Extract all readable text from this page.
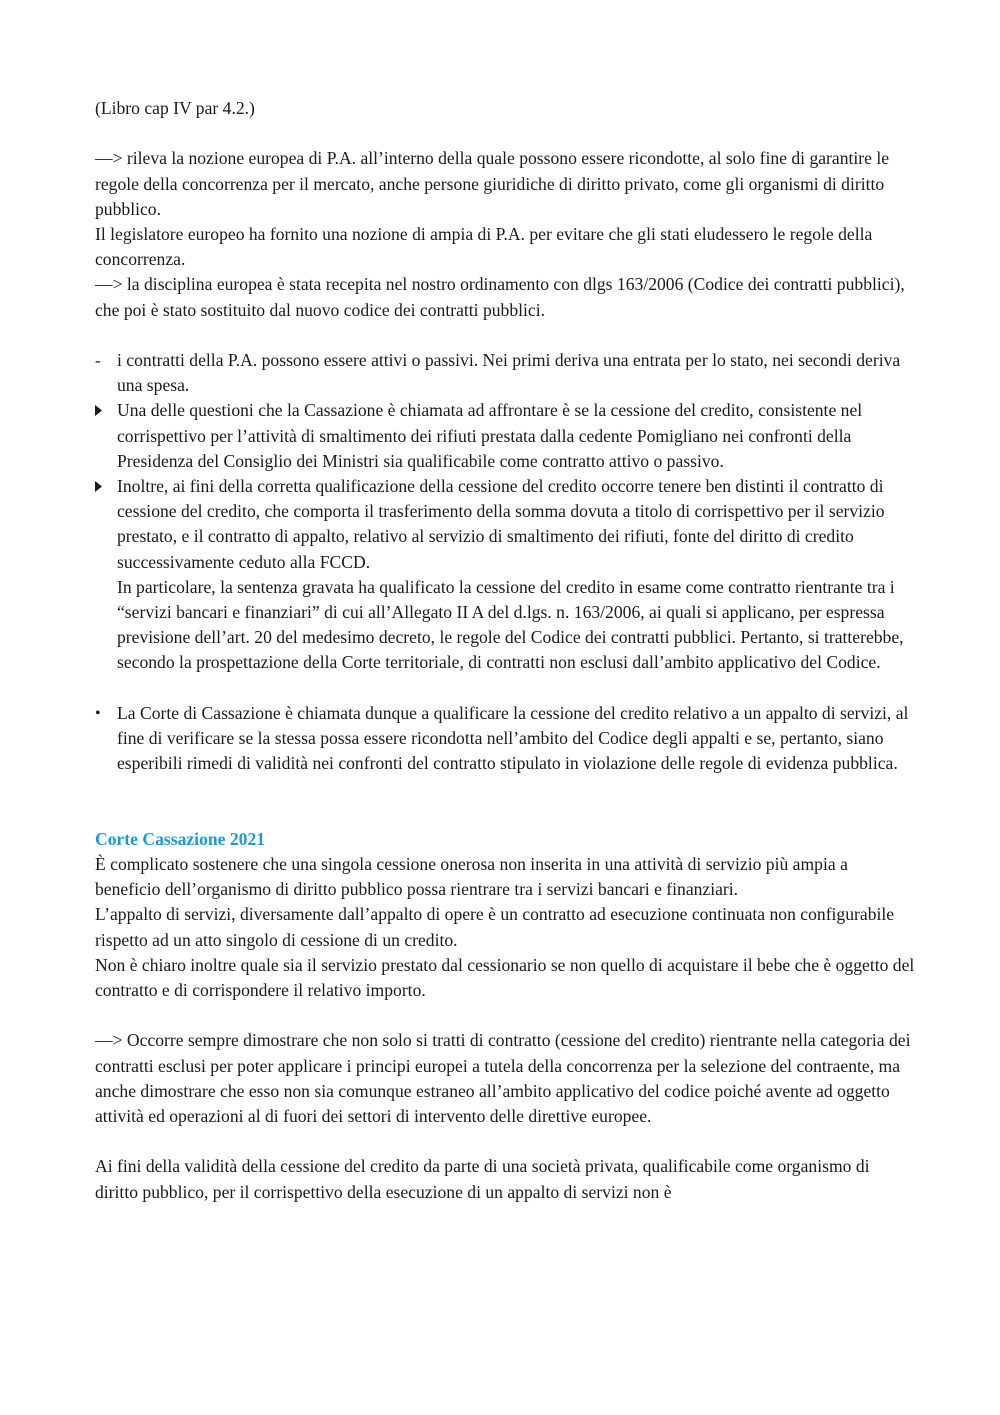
(Libro cap IV par 4.2.)

—> rileva la nozione europea di P.A. all’interno della quale possono essere ricondotte, al solo fine di garantire le regole della concorrenza per il mercato, anche persone giuridiche di diritto privato, come gli organismi di diritto pubblico.

Il legislatore europeo ha fornito una nozione di ampia di P.A. per evitare che gli stati eludessero le regole della concorrenza.

—> la disciplina europea è stata recepita nel nostro ordinamento con dlgs 163/2006 (Codice dei contratti pubblici), che poi è stato sostituito dal nuovo codice dei contratti pubblici.

- i contratti della P.A. possono essere attivi o passivi. Nei primi deriva una entrata per lo stato, nei secondi deriva una spesa.

Una delle questioni che la Cassazione è chiamata ad affrontare è se la cessione del credito, consistente nel corrispettivo per l’attività di smaltimento dei rifiuti prestata dalla cedente Pomigliano nei confronti della Presidenza del Consiglio dei Ministri sia qualificabile come contratto attivo o passivo.

Inoltre, ai fini della corretta qualificazione della cessione del credito occorre tenere ben distinti il contratto di cessione del credito, che comporta il trasferimento della somma dovuta a titolo di corrispettivo per il servizio prestato, e il contratto di appalto, relativo al servizio di smaltimento dei rifiuti, fonte del diritto di credito successivamente ceduto alla FCCD.

In particolare, la sentenza gravata ha qualificato la cessione del credito in esame come contratto rientrante tra i “servizi bancari e finanziari” di cui all’Allegato II A del d.lgs. n. 163/2006, ai quali si applicano, per espressa previsione dell’art. 20 del medesimo decreto, le regole del Codice dei contratti pubblici. Pertanto, si tratterebbe, secondo la prospettazione della Corte territoriale, di contratti non esclusi dall’ambito applicativo del Codice.

• La Corte di Cassazione è chiamata dunque a qualificare la cessione del credito relativo a un appalto di servizi, al fine di verificare se la stessa possa essere ricondotta nell’ambito del Codice degli appalti e se, pertanto, siano esperibili rimedi di validità nei confronti del contratto stipulato in violazione delle regole di evidenza pubblica.

Corte Cassazione 2021

È complicato sostenere che una singola cessione onerosa non inserita in una attività di servizio più ampia a beneficio dell’organismo di diritto pubblico possa rientrare tra i servizi bancari e finanziari.

L’appalto di servizi, diversamente dall’appalto di opere è un contratto ad esecuzione continuata non configurabile rispetto ad un atto singolo di cessione di un credito.

Non è chiaro inoltre quale sia il servizio prestato dal cessionario se non quello di acquistare il bebe che è oggetto del contratto e di corrispondere il relativo importo.

—> Occorre sempre dimostrare che non solo si tratti di contratto (cessione del credito) rientrante nella categoria dei contratti esclusi per poter applicare i principi europei a tutela della concorrenza per la selezione del contraente, ma anche dimostrare che esso non sia comunque estraneo all’ambito applicativo del codice poiché avente ad oggetto attività ed operazioni al di fuori dei settori di intervento delle direttive europee.

Ai fini della validità della cessione del credito da parte di una società privata, qualificabile come organismo di diritto pubblico, per il corrispettivo della esecuzione di un appalto di servizi non è
